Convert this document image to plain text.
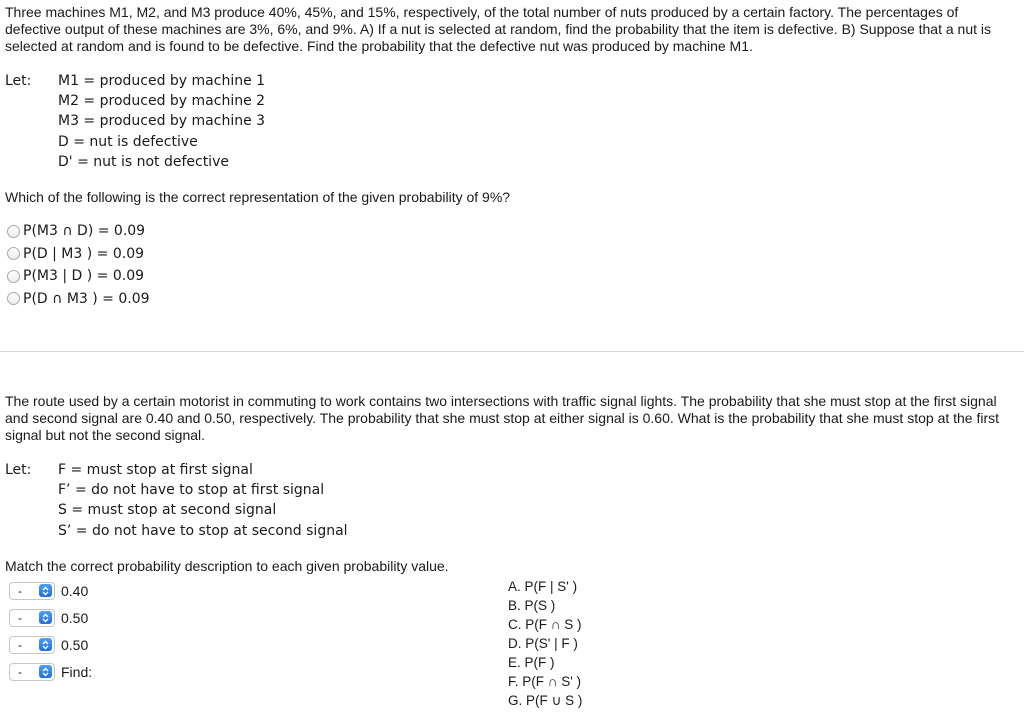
Three machines M1, M2, and M3 produce 40%, 45%, and 15%, respectively, of the total number of nuts produced by a certain factory. The percentages of defective output of these machines are 3%, 6%, and 9%. A) If a nut is selected at random, find the probability that the item is defective. B) Suppose that a nut is selected at random and is found to be defective. Find the probability that the defective nut was produced by machine M1.

Let: M1 = produced by machine 1
M2 = produced by machine 2
M3 = produced by machine 3
D = nut is defective
D' = nut is not defective

Which of the following is the correct representation of the given probability of 9%?

P(M3 ∩ D) = 0.09
P(D | M3 ) = 0.09
P(M3 | D ) = 0.09
P(D ∩ M3 ) = 0.09

The route used by a certain motorist in commuting to work contains two intersections with traffic signal lights. The probability that she must stop at the first signal and second signal are 0.40 and 0.50, respectively. The probability that she must stop at either signal is 0.60. What is the probability that she must stop at the first signal but not the second signal.

Let: F = must stop at first signal
F’ = do not have to stop at first signal
S = must stop at second signal
S’ = do not have to stop at second signal

Match the correct probability description to each given probability value.

-	0.40
-	0.50
-	0.50
-	Find:
A. P(F | S' )
B. P(S )
C. P(F ∩ S )
D. P(S' | F )
E. P(F )
F. P(F ∩ S' )
G. P(F ∪ S )
